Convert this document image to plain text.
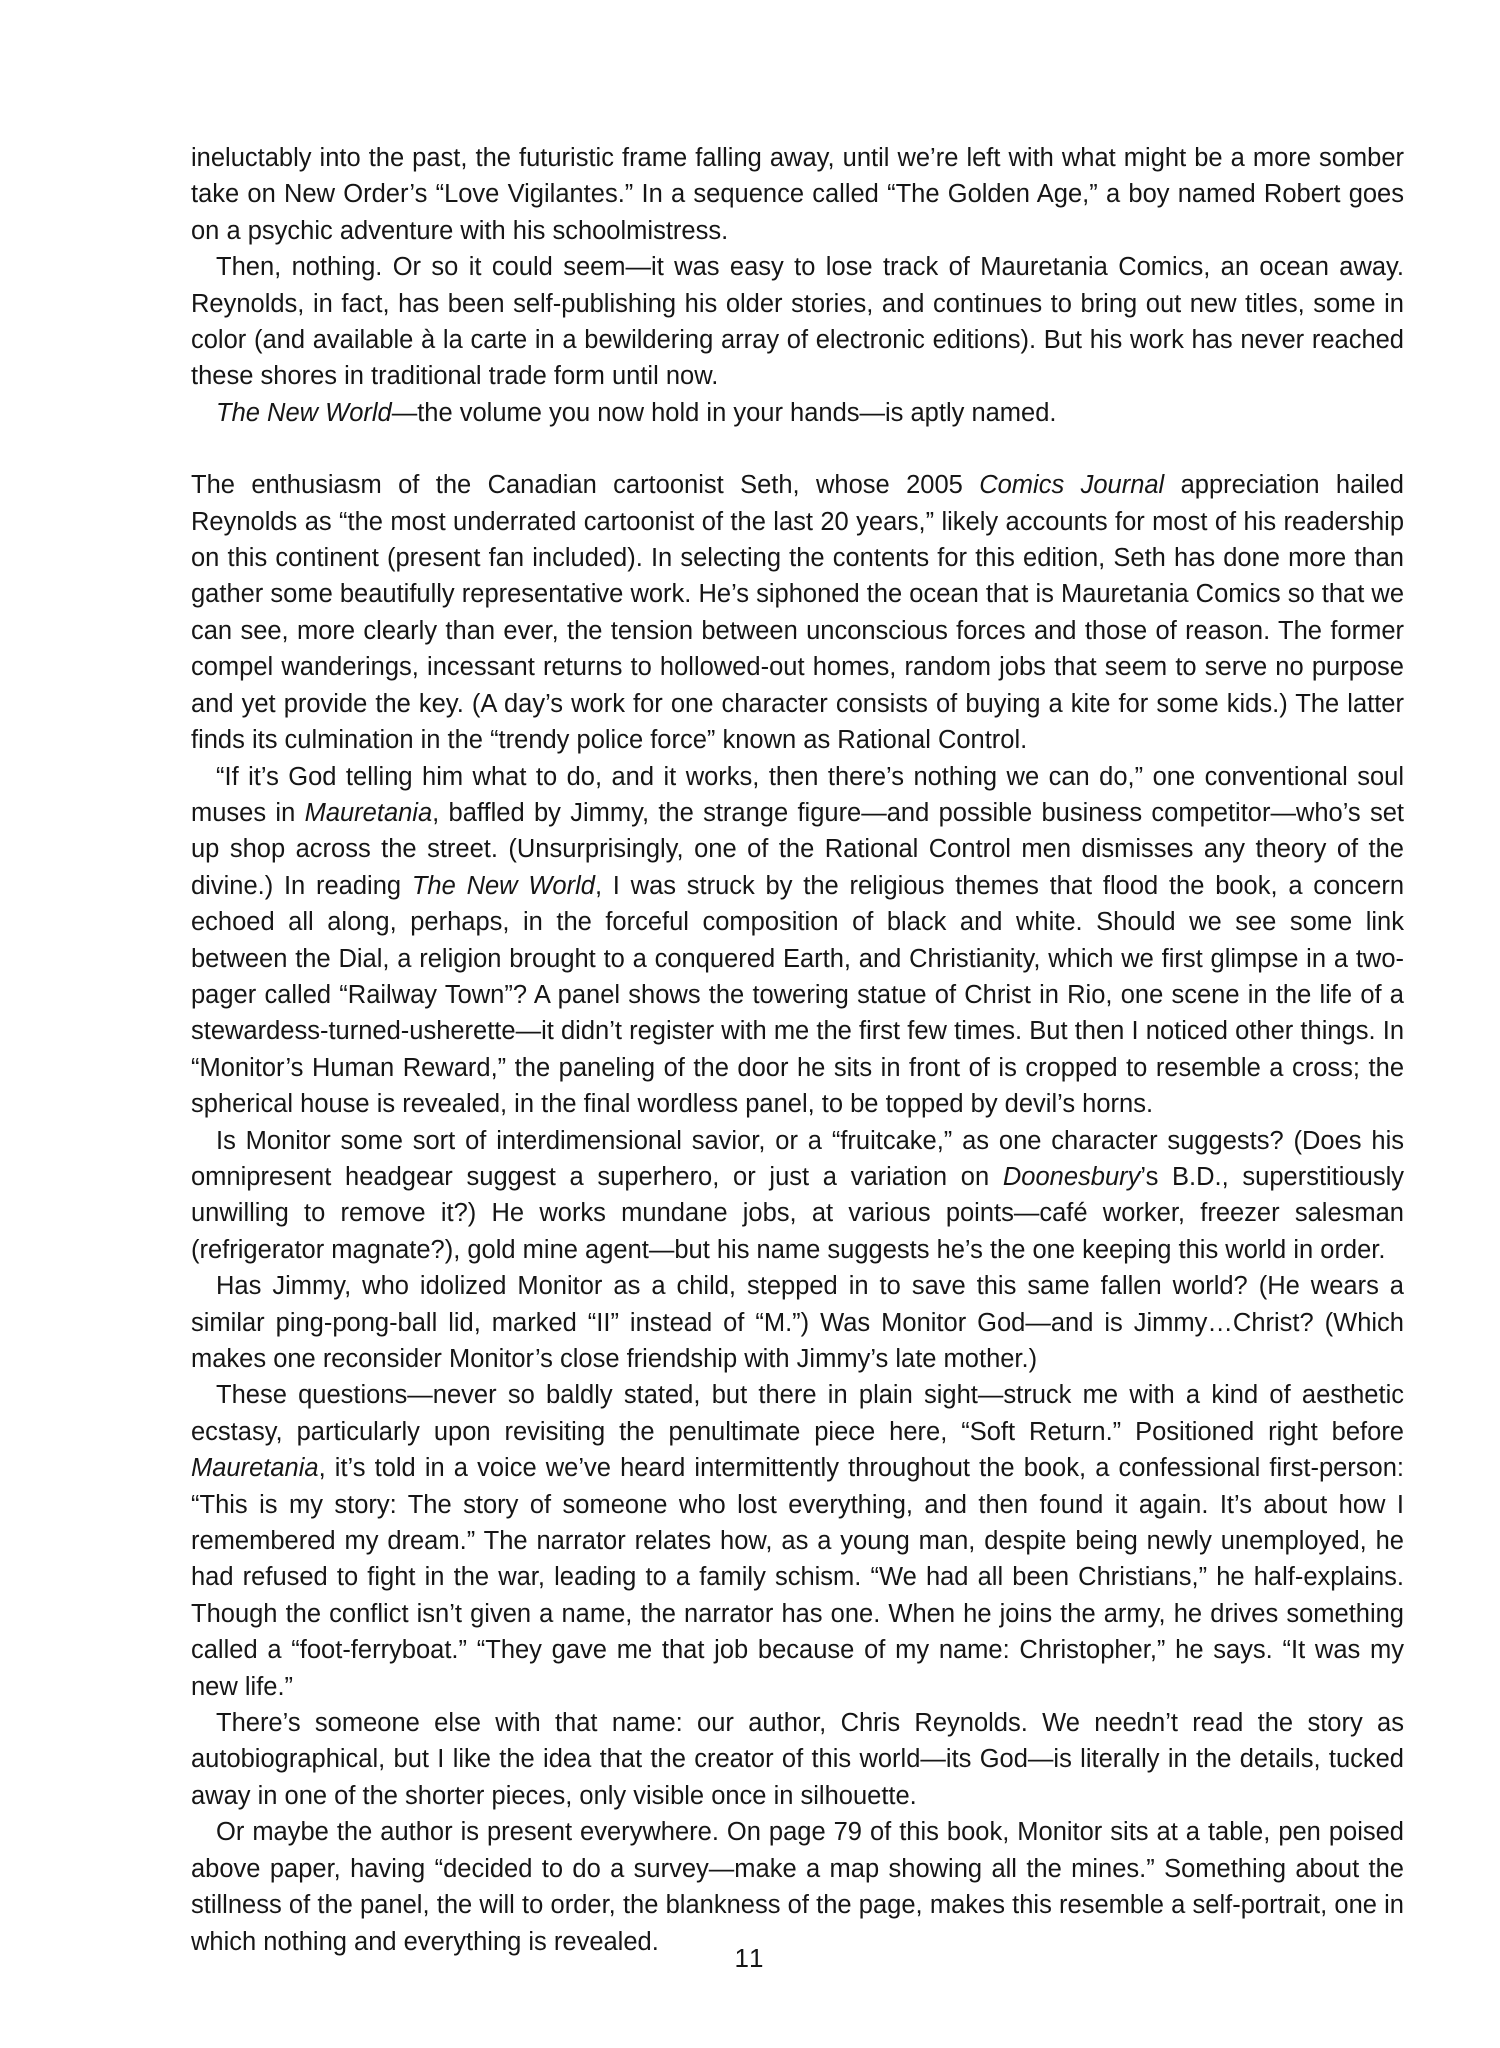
ineluctably into the past, the futuristic frame falling away, until we’re left with what might be a more somber take on New Order’s “Love Vigilantes.” In a sequence called “The Golden Age,” a boy named Robert goes on a psychic adventure with his schoolmistress.

Then, nothing. Or so it could seem—it was easy to lose track of Mauretania Comics, an ocean away. Reynolds, in fact, has been self-publishing his older stories, and continues to bring out new titles, some in color (and available à la carte in a bewildering array of electronic editions). But his work has never reached these shores in traditional trade form until now.

The New World—the volume you now hold in your hands—is aptly named.

The enthusiasm of the Canadian cartoonist Seth, whose 2005 Comics Journal appreciation hailed Reynolds as “the most underrated cartoonist of the last 20 years,” likely accounts for most of his readership on this continent (present fan included). In selecting the contents for this edition, Seth has done more than gather some beautifully representative work. He’s siphoned the ocean that is Mauretania Comics so that we can see, more clearly than ever, the tension between unconscious forces and those of reason. The former compel wanderings, incessant returns to hollowed-out homes, random jobs that seem to serve no purpose and yet provide the key. (A day’s work for one character consists of buying a kite for some kids.) The latter finds its culmination in the “trendy police force” known as Rational Control.

“If it’s God telling him what to do, and it works, then there’s nothing we can do,” one conventional soul muses in Mauretania, baffled by Jimmy, the strange figure—and possible business competitor—who’s set up shop across the street. (Unsurprisingly, one of the Rational Control men dismisses any theory of the divine.) In reading The New World, I was struck by the religious themes that flood the book, a concern echoed all along, perhaps, in the forceful composition of black and white. Should we see some link between the Dial, a religion brought to a conquered Earth, and Christianity, which we first glimpse in a two-pager called “Railway Town”? A panel shows the towering statue of Christ in Rio, one scene in the life of a stewardess-turned-usherette—it didn’t register with me the first few times. But then I noticed other things. In “Monitor’s Human Reward,” the paneling of the door he sits in front of is cropped to resemble a cross; the spherical house is revealed, in the final wordless panel, to be topped by devil’s horns.

Is Monitor some sort of interdimensional savior, or a “fruitcake,” as one character suggests? (Does his omnipresent headgear suggest a superhero, or just a variation on Doonesbury’s B.D., superstitiously unwilling to remove it?) He works mundane jobs, at various points—café worker, freezer salesman (refrigerator magnate?), gold mine agent—but his name suggests he’s the one keeping this world in order.

Has Jimmy, who idolized Monitor as a child, stepped in to save this same fallen world? (He wears a similar ping-pong-ball lid, marked “II” instead of “M.”) Was Monitor God—and is Jimmy…Christ? (Which makes one reconsider Monitor’s close friendship with Jimmy’s late mother.)

These questions—never so baldly stated, but there in plain sight—struck me with a kind of aesthetic ecstasy, particularly upon revisiting the penultimate piece here, “Soft Return.” Positioned right before Mauretania, it’s told in a voice we’ve heard intermittently throughout the book, a confessional first-person: “This is my story: The story of someone who lost everything, and then found it again. It’s about how I remembered my dream.” The narrator relates how, as a young man, despite being newly unemployed, he had refused to fight in the war, leading to a family schism. “We had all been Christians,” he half-explains. Though the conflict isn’t given a name, the narrator has one. When he joins the army, he drives something called a “foot-ferryboat.” “They gave me that job because of my name: Christopher,” he says. “It was my new life.”

There’s someone else with that name: our author, Chris Reynolds. We needn’t read the story as autobiographical, but I like the idea that the creator of this world—its God—is literally in the details, tucked away in one of the shorter pieces, only visible once in silhouette.

Or maybe the author is present everywhere. On page 79 of this book, Monitor sits at a table, pen poised above paper, having “decided to do a survey—make a map showing all the mines.” Something about the stillness of the panel, the will to order, the blankness of the page, makes this resemble a self-portrait, one in which nothing and everything is revealed.

11
